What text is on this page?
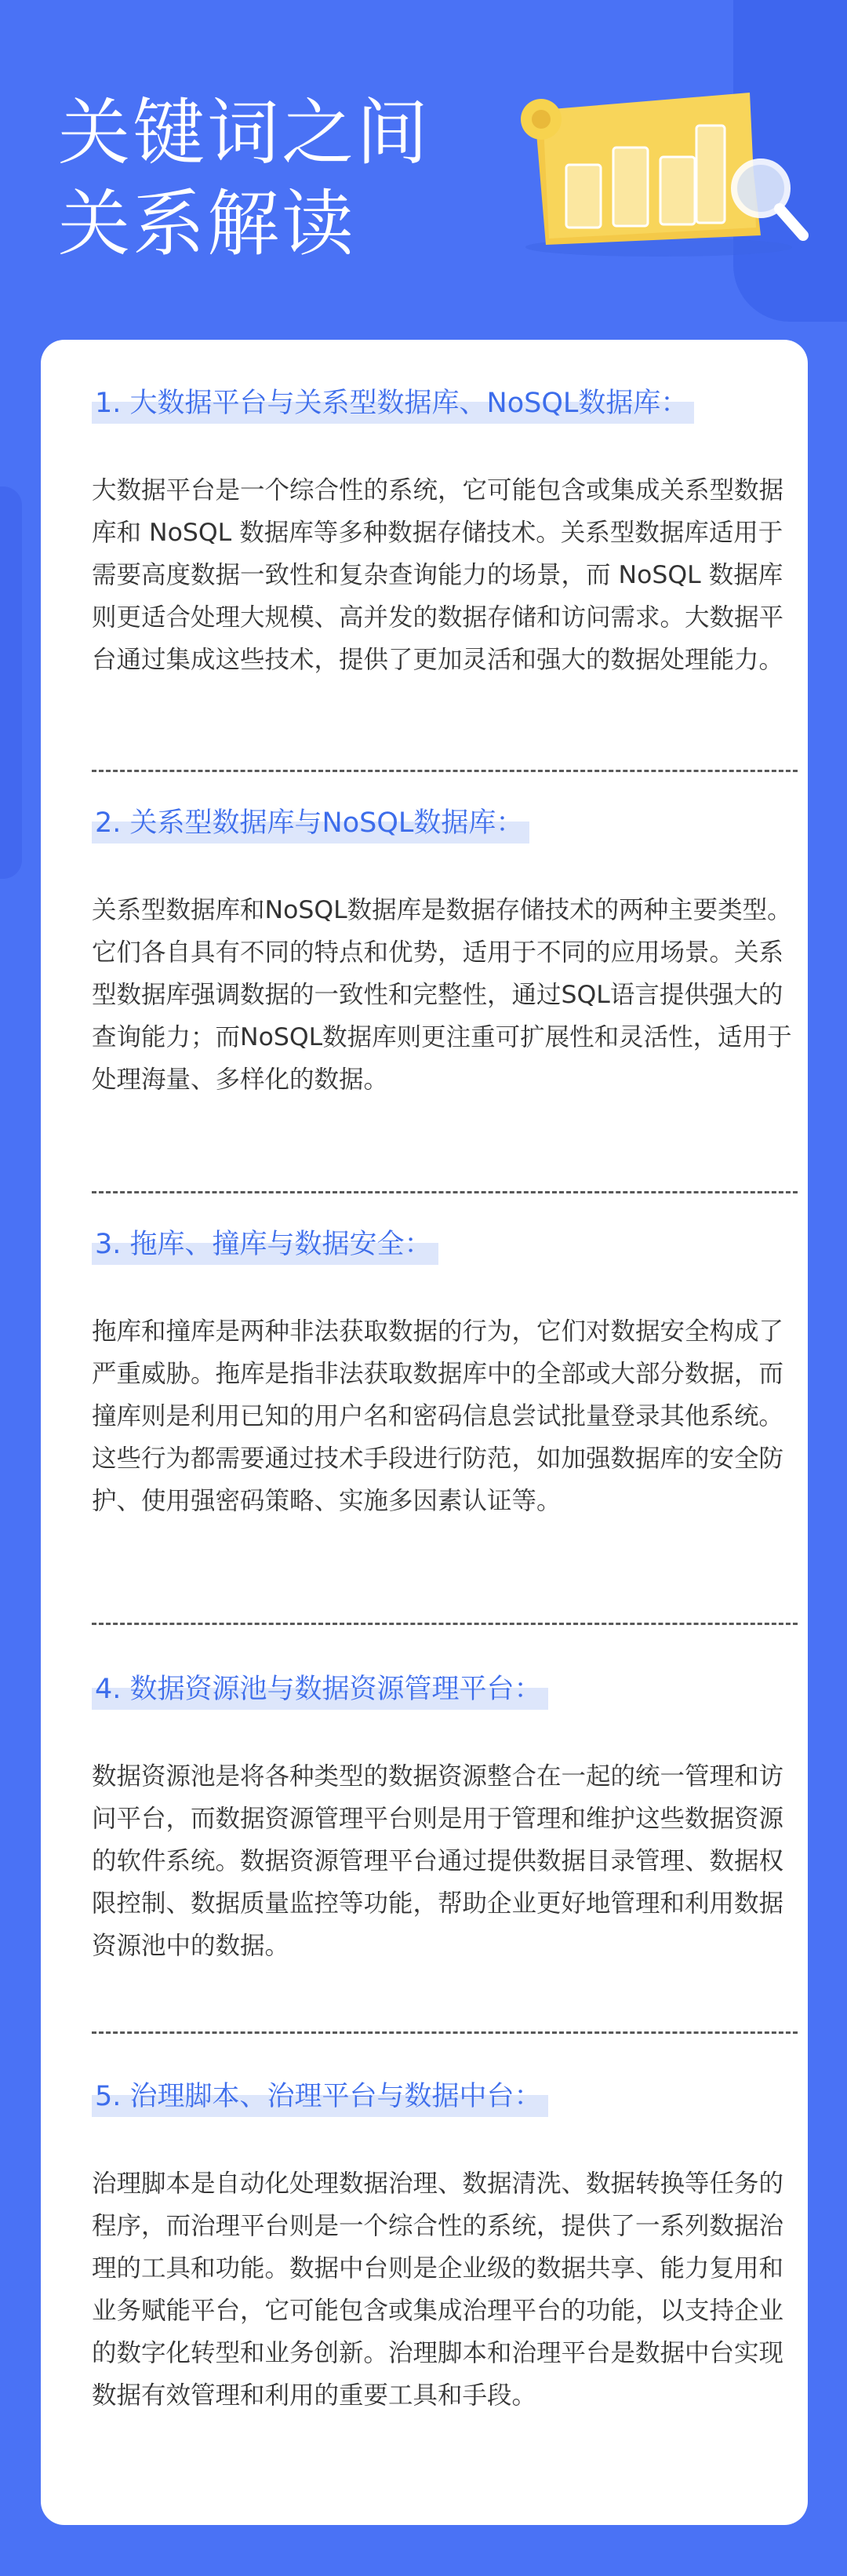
关键词之间
关系解读
1. 大数据平台与关系型数据库、NoSQL数据库：

大数据平台是一个综合性的系统，它可能包含或集成关系型数据库和 NoSQL 数据库等多种数据存储技术。关系型数据库适用于需要高度数据一致性和复杂查询能力的场景，而 NoSQL 数据库则更适合处理大规模、高并发的数据存储和访问需求。大数据平台通过集成这些技术，提供了更加灵活和强大的数据处理能力。

2. 关系型数据库与NoSQL数据库：

关系型数据库和NoSQL数据库是数据存储技术的两种主要类型。它们各自具有不同的特点和优势，适用于不同的应用场景。关系型数据库强调数据的一致性和完整性，通过SQL语言提供强大的查询能力；而NoSQL数据库则更注重可扩展性和灵活性，适用于处理海量、多样化的数据。

3. 拖库、撞库与数据安全：

拖库和撞库是两种非法获取数据的行为，它们对数据安全构成了严重威胁。拖库是指非法获取数据库中的全部或大部分数据，而撞库则是利用已知的用户名和密码信息尝试批量登录其他系统。这些行为都需要通过技术手段进行防范，如加强数据库的安全防护、使用强密码策略、实施多因素认证等。

4. 数据资源池与数据资源管理平台：

数据资源池是将各种类型的数据资源整合在一起的统一管理和访问平台，而数据资源管理平台则是用于管理和维护这些数据资源的软件系统。数据资源管理平台通过提供数据目录管理、数据权限控制、数据质量监控等功能，帮助企业更好地管理和利用数据资源池中的数据。

5. 治理脚本、治理平台与数据中台：

治理脚本是自动化处理数据治理、数据清洗、数据转换等任务的程序，而治理平台则是一个综合性的系统，提供了一系列数据治理的工具和功能。数据中台则是企业级的数据共享、能力复用和业务赋能平台，它可能包含或集成治理平台的功能，以支持企业的数字化转型和业务创新。治理脚本和治理平台是数据中台实现数据有效管理和利用的重要工具和手段。
